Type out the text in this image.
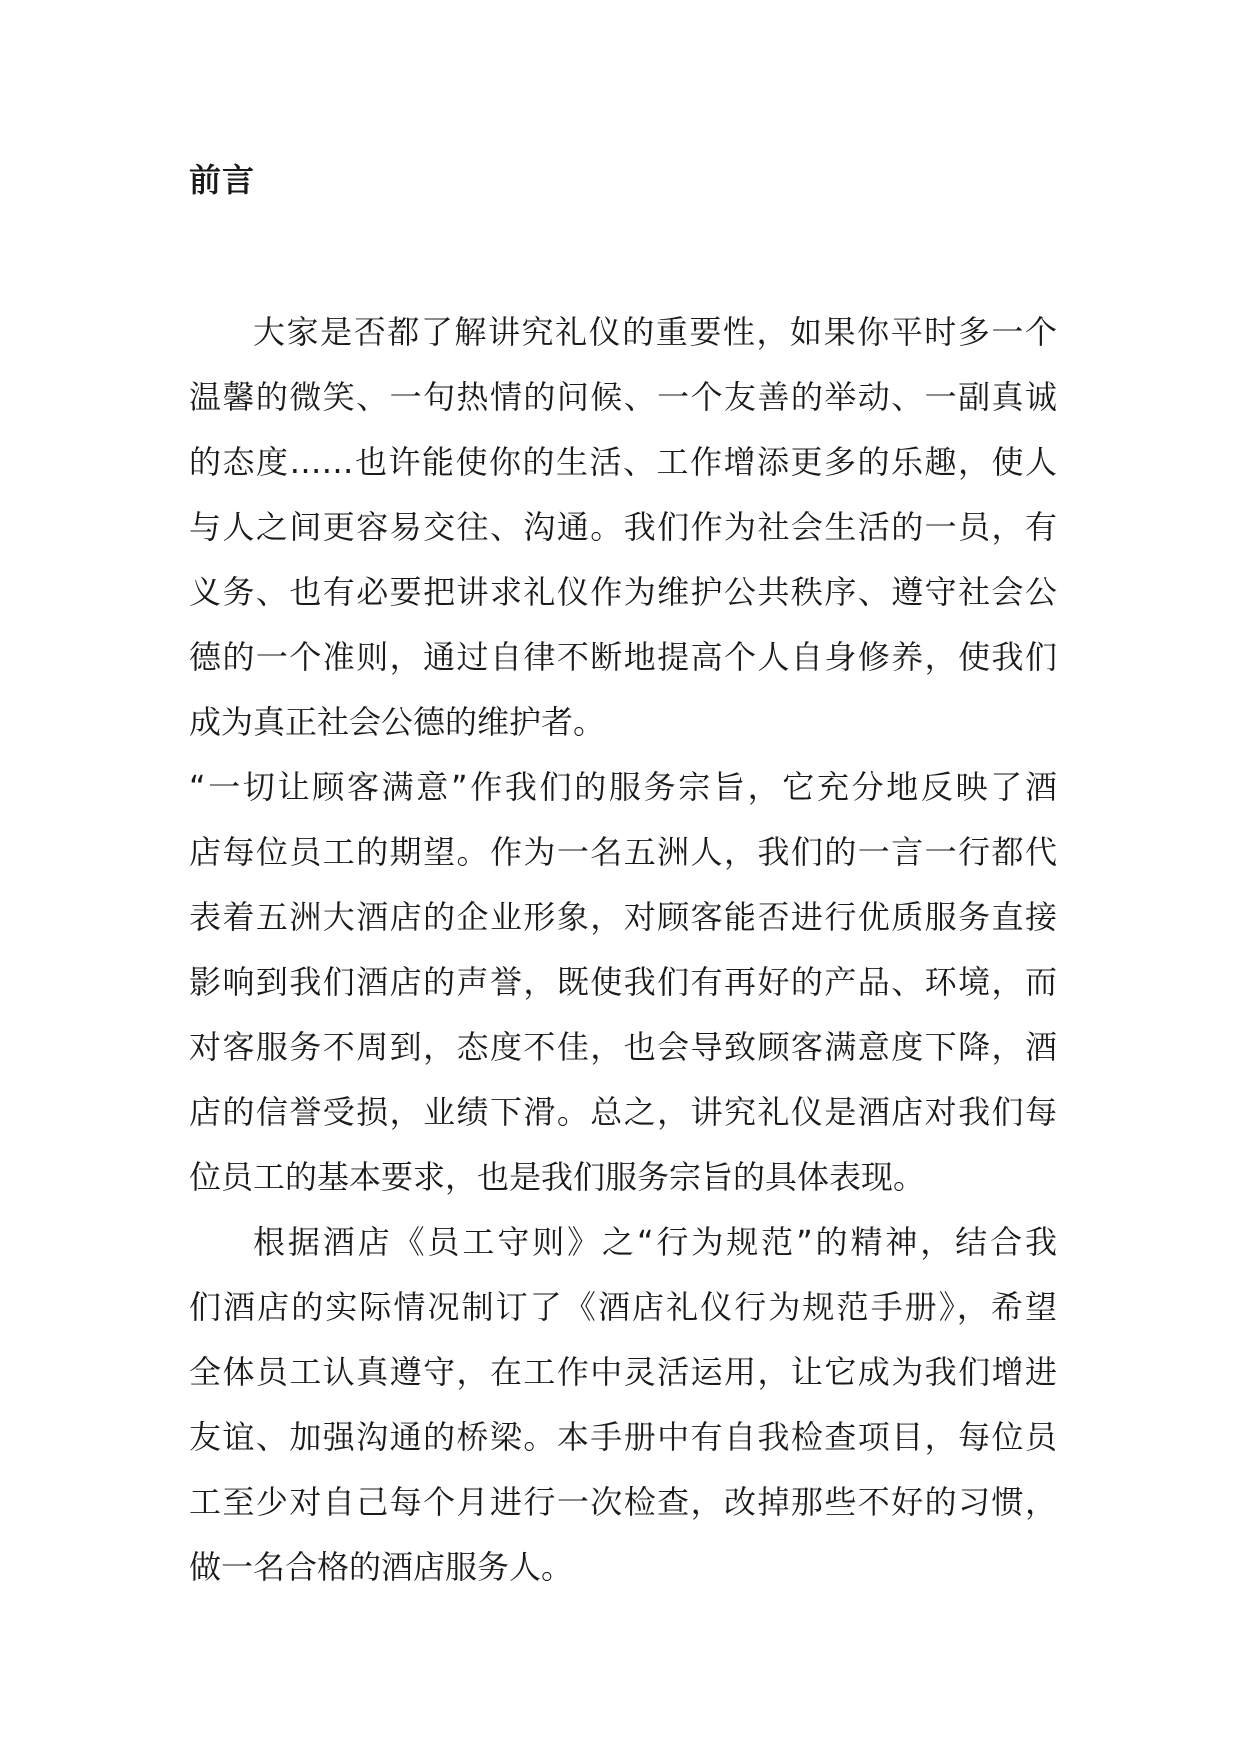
前言
大家是否都了解讲究礼仪的重要性，如果你平时多一个
温馨的微笑、一句热情的问候、一个友善的举动、一副真诚
的态度……也许能使你的生活、工作增添更多的乐趣，使人
与人之间更容易交往、沟通。我们作为社会生活的一员，有
义务、也有必要把讲求礼仪作为维护公共秩序、遵守社会公
德的一个准则，通过自律不断地提高个人自身修养，使我们
成为真正社会公德的维护者。
“一切让顾客满意”作我们的服务宗旨，它充分地反映了酒
店每位员工的期望。作为一名五洲人，我们的一言一行都代
表着五洲大酒店的企业形象，对顾客能否进行优质服务直接
影响到我们酒店的声誉，既使我们有再好的产品、环境，而
对客服务不周到，态度不佳，也会导致顾客满意度下降，酒
店的信誉受损，业绩下滑。总之，讲究礼仪是酒店对我们每
位员工的基本要求，也是我们服务宗旨的具体表现。
根据酒店《员工守则》之“行为规范”的精神，结合我
们酒店的实际情况制订了《酒店礼仪行为规范手册》，希望
全体员工认真遵守，在工作中灵活运用，让它成为我们增进
友谊、加强沟通的桥梁。本手册中有自我检查项目，每位员
工至少对自己每个月进行一次检查，改掉那些不好的习惯，
做一名合格的酒店服务人。
